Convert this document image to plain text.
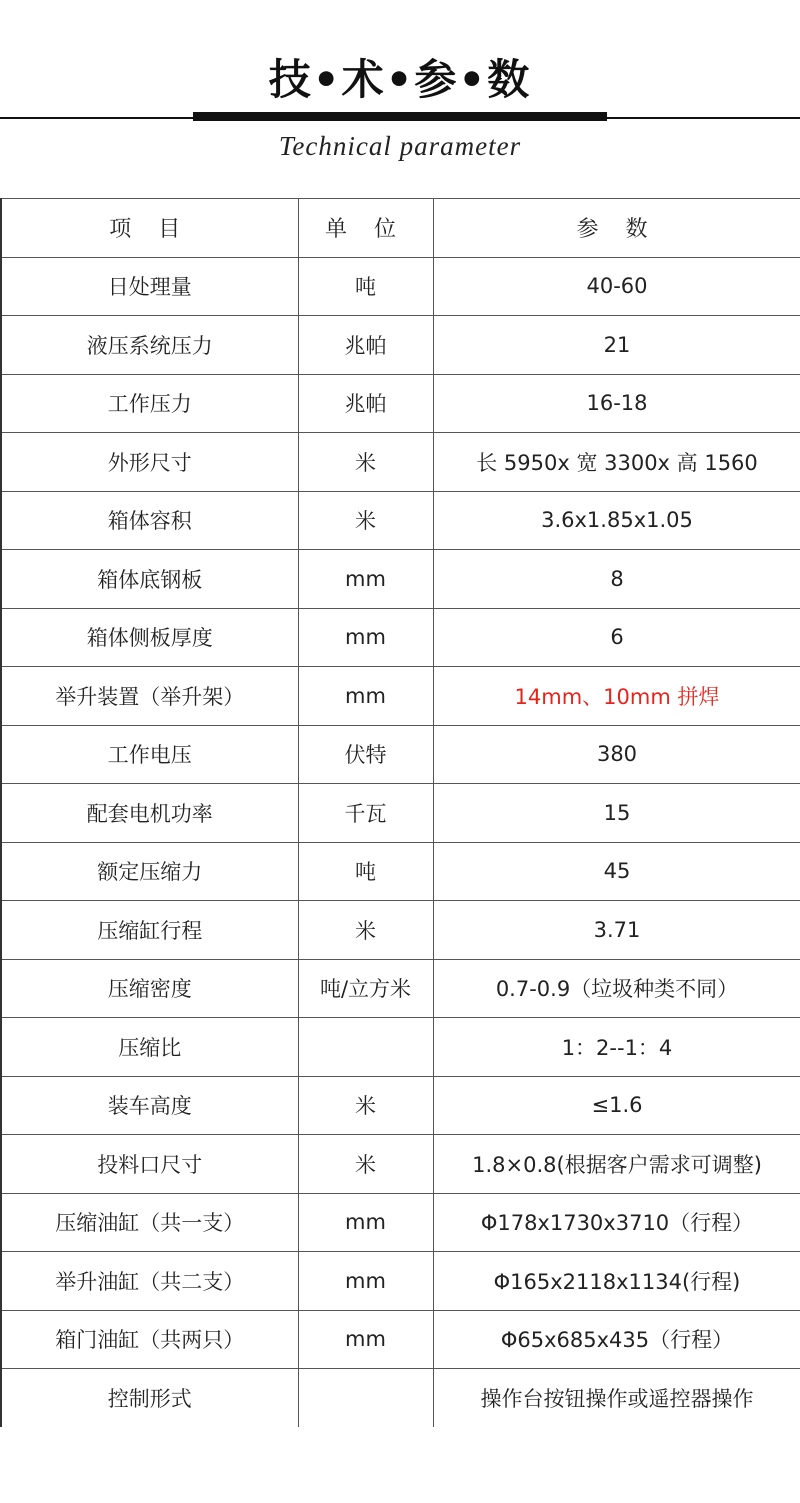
技•术•参•数
Technical parameter
项 目	单 位	参 数
日处理量	吨	40-60
液压系统压力	兆帕	21
工作压力	兆帕	16-18
外形尺寸	米	长 5950x 宽 3300x 高 1560
箱体容积	米	3.6x1.85x1.05
箱体底钢板	mm	8
箱体侧板厚度	mm	6
举升装置（举升架）	mm	14mm、10mm 拼焊
工作电压	伏特	380
配套电机功率	千瓦	15
额定压缩力	吨	45
压缩缸行程	米	3.71
压缩密度	吨/立方米	0.7-0.9（垃圾种类不同）
压缩比		1：2--1：4
装车高度	米	≤1.6
投料口尺寸	米	1.8×0.8(根据客户需求可调整)
压缩油缸（共一支）	mm	Φ178x1730x3710（行程）
举升油缸（共二支）	mm	Φ165x2118x1134(行程)
箱门油缸（共两只）	mm	Φ65x685x435（行程）
控制形式		操作台按钮操作或遥控器操作
